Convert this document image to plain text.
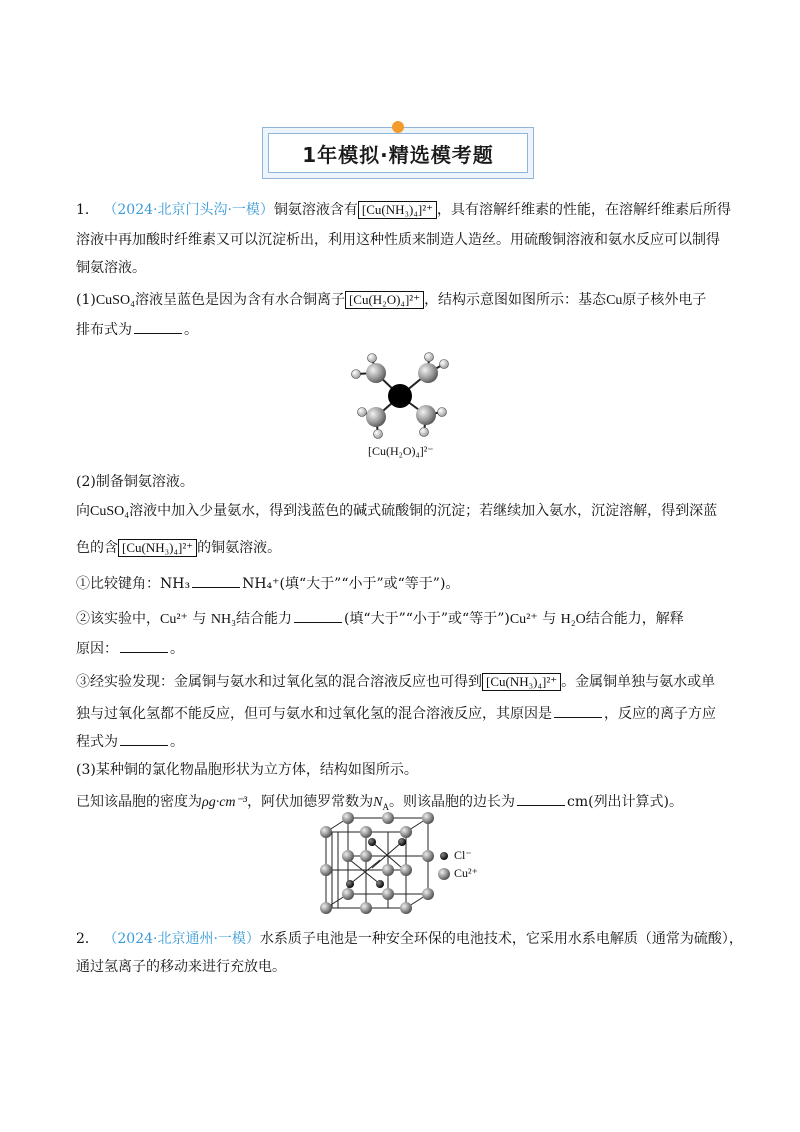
1年模拟·精选模考题
1． （2024·北京门头沟·一模）铜氨溶液含有 [Cu(NH₃)₄]²⁺ ，具有溶解纤维素的性能，在溶解纤维素后所得
溶液中再加酸时纤维素又可以沉淀析出，利用这种性质来制造人造丝。用硫酸铜溶液和氨水反应可以制得
铜氨溶液。
(1)CuSO₄溶液呈蓝色是因为含有水合铜离子 [Cu(H₂O)₄]²⁺ ，结构示意图如图所示：基态Cu原子核外电子
排布式为	。
[Cu(H₂O)₄]²⁻
(2)制备铜氨溶液。
向CuSO₄溶液中加入少量氨水，得到浅蓝色的碱式硫酸铜的沉淀；若继续加入氨水，沉淀溶解，得到深蓝
色的含 [Cu(NH₃)₄]²⁺ 的铜氨溶液。
①比较键角：NH₃	NH₄⁺(填“大于”“小于”或“等于”)。
②该实验中，Cu²⁺ 与 NH₃结合能力	(填“大于”“小于”或“等于”)Cu²⁺ 与 H₂O结合能力，解释
原因：	。
③经实验发现：金属铜与氨水和过氧化氢的混合溶液反应也可得到 [Cu(NH₃)₄]²⁺ 。金属铜单独与氨水或单
独与过氧化氢都不能反应，但可与氨水和过氧化氢的混合溶液反应，其原因是	，反应的离子方应
程式为	。
(3)某种铜的氯化物晶胞形状为立方体，结构如图所示。
已知该晶胞的密度为ρg·cm⁻³，阿伏加德罗常数为$N_A$。则该晶胞的边长为	cm(列出计算式)。
Cl⁻
Cu²⁺
2． （2024·北京通州·一模）水系质子电池是一种安全环保的电池技术，它采用水系电解质（通常为硫酸），
通过氢离子的移动来进行充放电。
